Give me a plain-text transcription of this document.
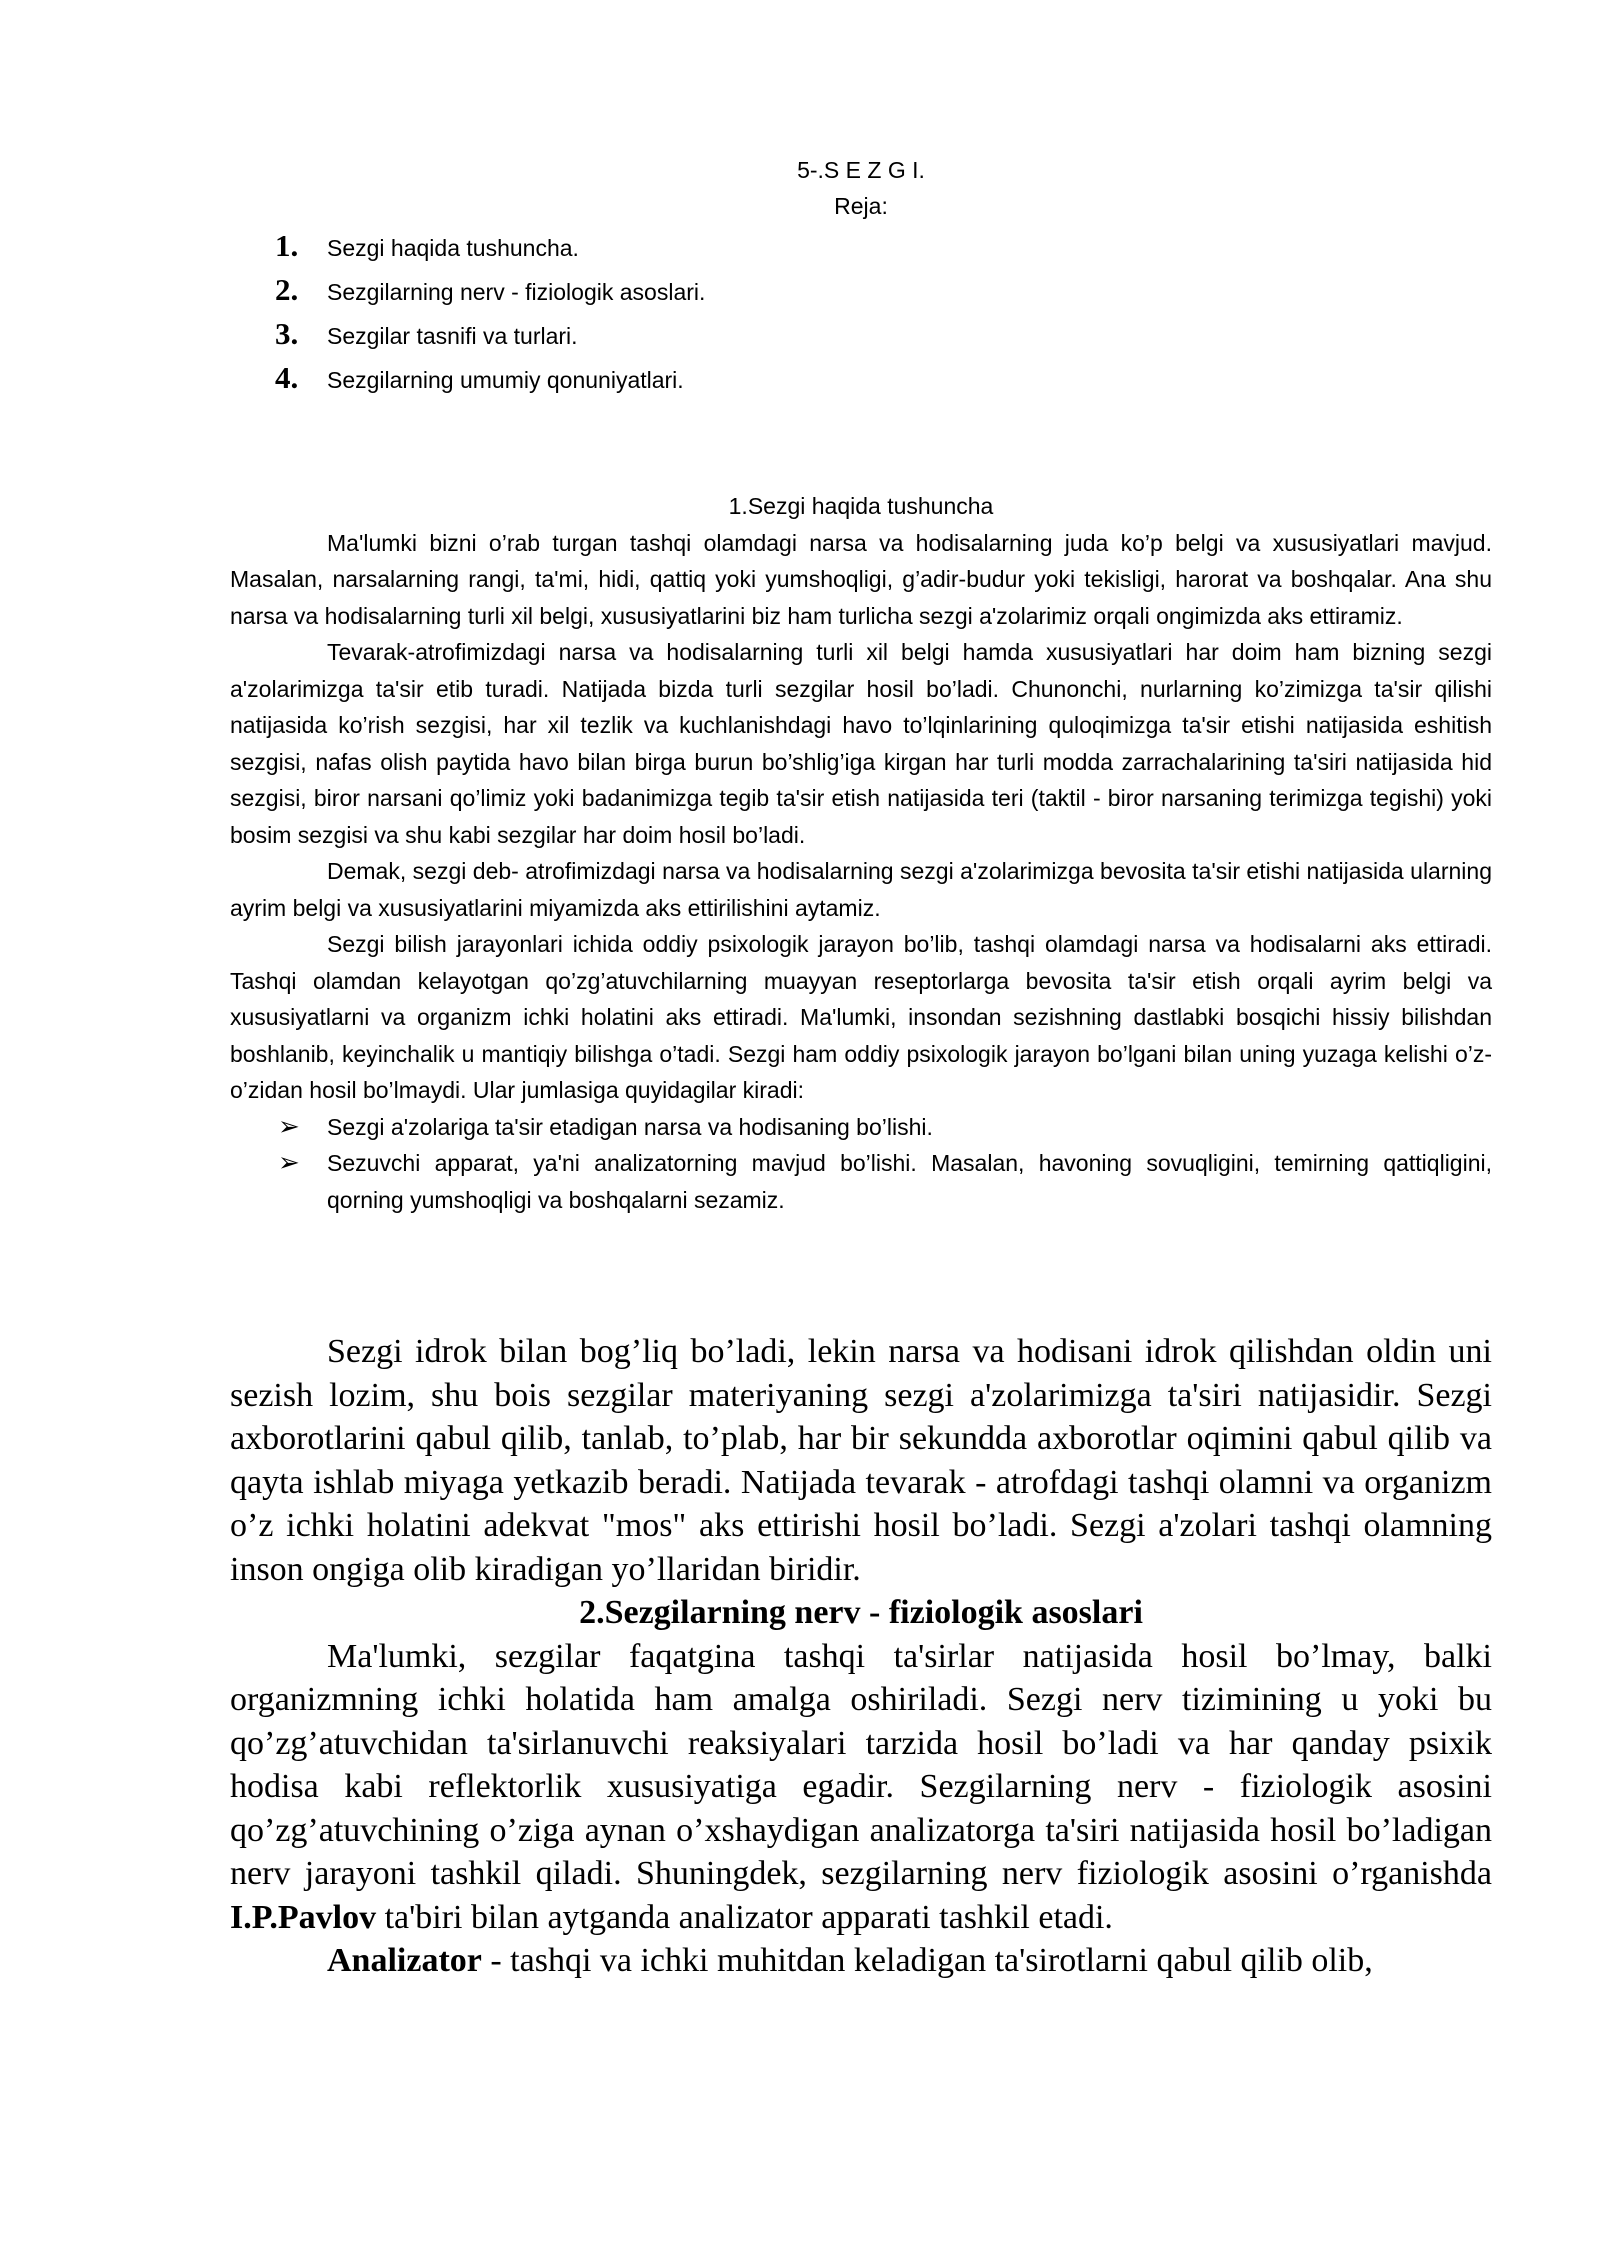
5-.S E Z G I.
Reja:
1.	Sezgi haqida tushuncha.
2.	Sezgilarning nerv - fiziologik asoslari.
3.	Sezgilar tasnifi va turlari.
4.	Sezgilarning umumiy qonuniyatlari.

1.Sezgi haqida tushuncha

Ma'lumki bizni o’rab turgan tashqi olamdagi narsa va hodisalarning juda ko’p belgi va xususiyatlari mavjud. Masalan, narsalarning rangi, ta'mi, hidi, qattiq yoki yumshoqligi, g’adir-budur yoki tekisligi, harorat va boshqalar. Ana shu narsa va hodisalarning turli xil belgi, xususiyatlarini biz ham turlicha sezgi a'zolarimiz orqali ongimizda aks ettiramiz.

Tevarak-atrofimizdagi narsa va hodisalarning turli xil belgi hamda xususiyatlari har doim ham bizning sezgi a'zolarimizga ta'sir etib turadi. Natijada bizda turli sezgilar hosil bo’ladi. Chunonchi, nurlarning ko’zimizga ta'sir qilishi natijasida ko’rish sezgisi, har xil tezlik va kuchlanishdagi havo to’lqinlarining quloqimizga ta'sir etishi natijasida eshitish sezgisi, nafas olish paytida havo bilan birga burun bo’shlig’iga kirgan har turli modda zarrachalarining ta'siri natijasida hid sezgisi, biror narsani qo’limiz yoki badanimizga tegib ta'sir etish natijasida teri (taktil - biror narsaning terimizga tegishi) yoki bosim sezgisi va shu kabi sezgilar har doim hosil bo’ladi.

Demak, sezgi deb- atrofimizdagi narsa va hodisalarning sezgi a'zolarimizga bevosita ta'sir etishi natijasida ularning ayrim belgi va xususiyatlarini miyamizda aks ettirilishini aytamiz.

Sezgi bilish jarayonlari ichida oddiy psixologik jarayon bo’lib, tashqi olamdagi narsa va hodisalarni aks ettiradi. Tashqi olamdan kelayotgan qo’zg’atuvchilarning muayyan reseptorlarga bevosita ta'sir etish orqali ayrim belgi va xususiyatlarni va organizm ichki holatini aks ettiradi. Ma'lumki, insondan sezishning dastlabki bosqichi hissiy bilishdan boshlanib, keyinchalik u mantiqiy bilishga o’tadi. Sezgi ham oddiy psixologik jarayon bo’lgani bilan uning yuzaga kelishi o’z-o’zidan hosil bo’lmaydi. Ular jumlasiga quyidagilar kiradi:

➢ Sezgi a'zolariga ta'sir etadigan narsa va hodisaning bo’lishi.
➢ Sezuvchi apparat, ya'ni analizatorning mavjud bo’lishi. Masalan, havoning sovuqligini, temirning qattiqligini, qorning yumshoqligi va boshqalarni sezamiz.

Sezgi idrok bilan bog’liq bo’ladi, lekin narsa va hodisani idrok qilishdan oldin uni sezish lozim, shu bois sezgilar materiyaning sezgi a'zolarimizga ta'siri natijasidir. Sezgi axborotlarini qabul qilib, tanlab, to’plab, har bir sekundda axborotlar oqimini qabul qilib va qayta ishlab miyaga yetkazib beradi. Natijada tevarak - atrofdagi tashqi olamni va organizm o’z ichki holatini adekvat "mos" aks ettirishi hosil bo’ladi. Sezgi a'zolari tashqi olamning inson ongiga olib kiradigan yo’llaridan biridir.

2.Sezgilarning nerv - fiziologik asoslari

Ma'lumki, sezgilar faqatgina tashqi ta'sirlar natijasida hosil bo’lmay, balki organizmning ichki holatida ham amalga oshiriladi. Sezgi nerv tizimining u yoki bu qo’zg’atuvchidan ta'sirlanuvchi reaksiyalari tarzida hosil bo’ladi va har qanday psixik hodisa kabi reflektorlik xususiyatiga egadir. Sezgilarning nerv - fiziologik asosini qo’zg’atuvchining o’ziga aynan o’xshaydigan analizatorga ta'siri natijasida hosil bo’ladigan nerv jarayoni tashkil qiladi. Shuningdek, sezgilarning nerv fiziologik asosini o’rganishda I.P.Pavlov ta'biri bilan aytganda analizator apparati tashkil etadi.

Analizator - tashqi va ichki muhitdan keladigan ta'sirotlarni qabul qilib olib,
